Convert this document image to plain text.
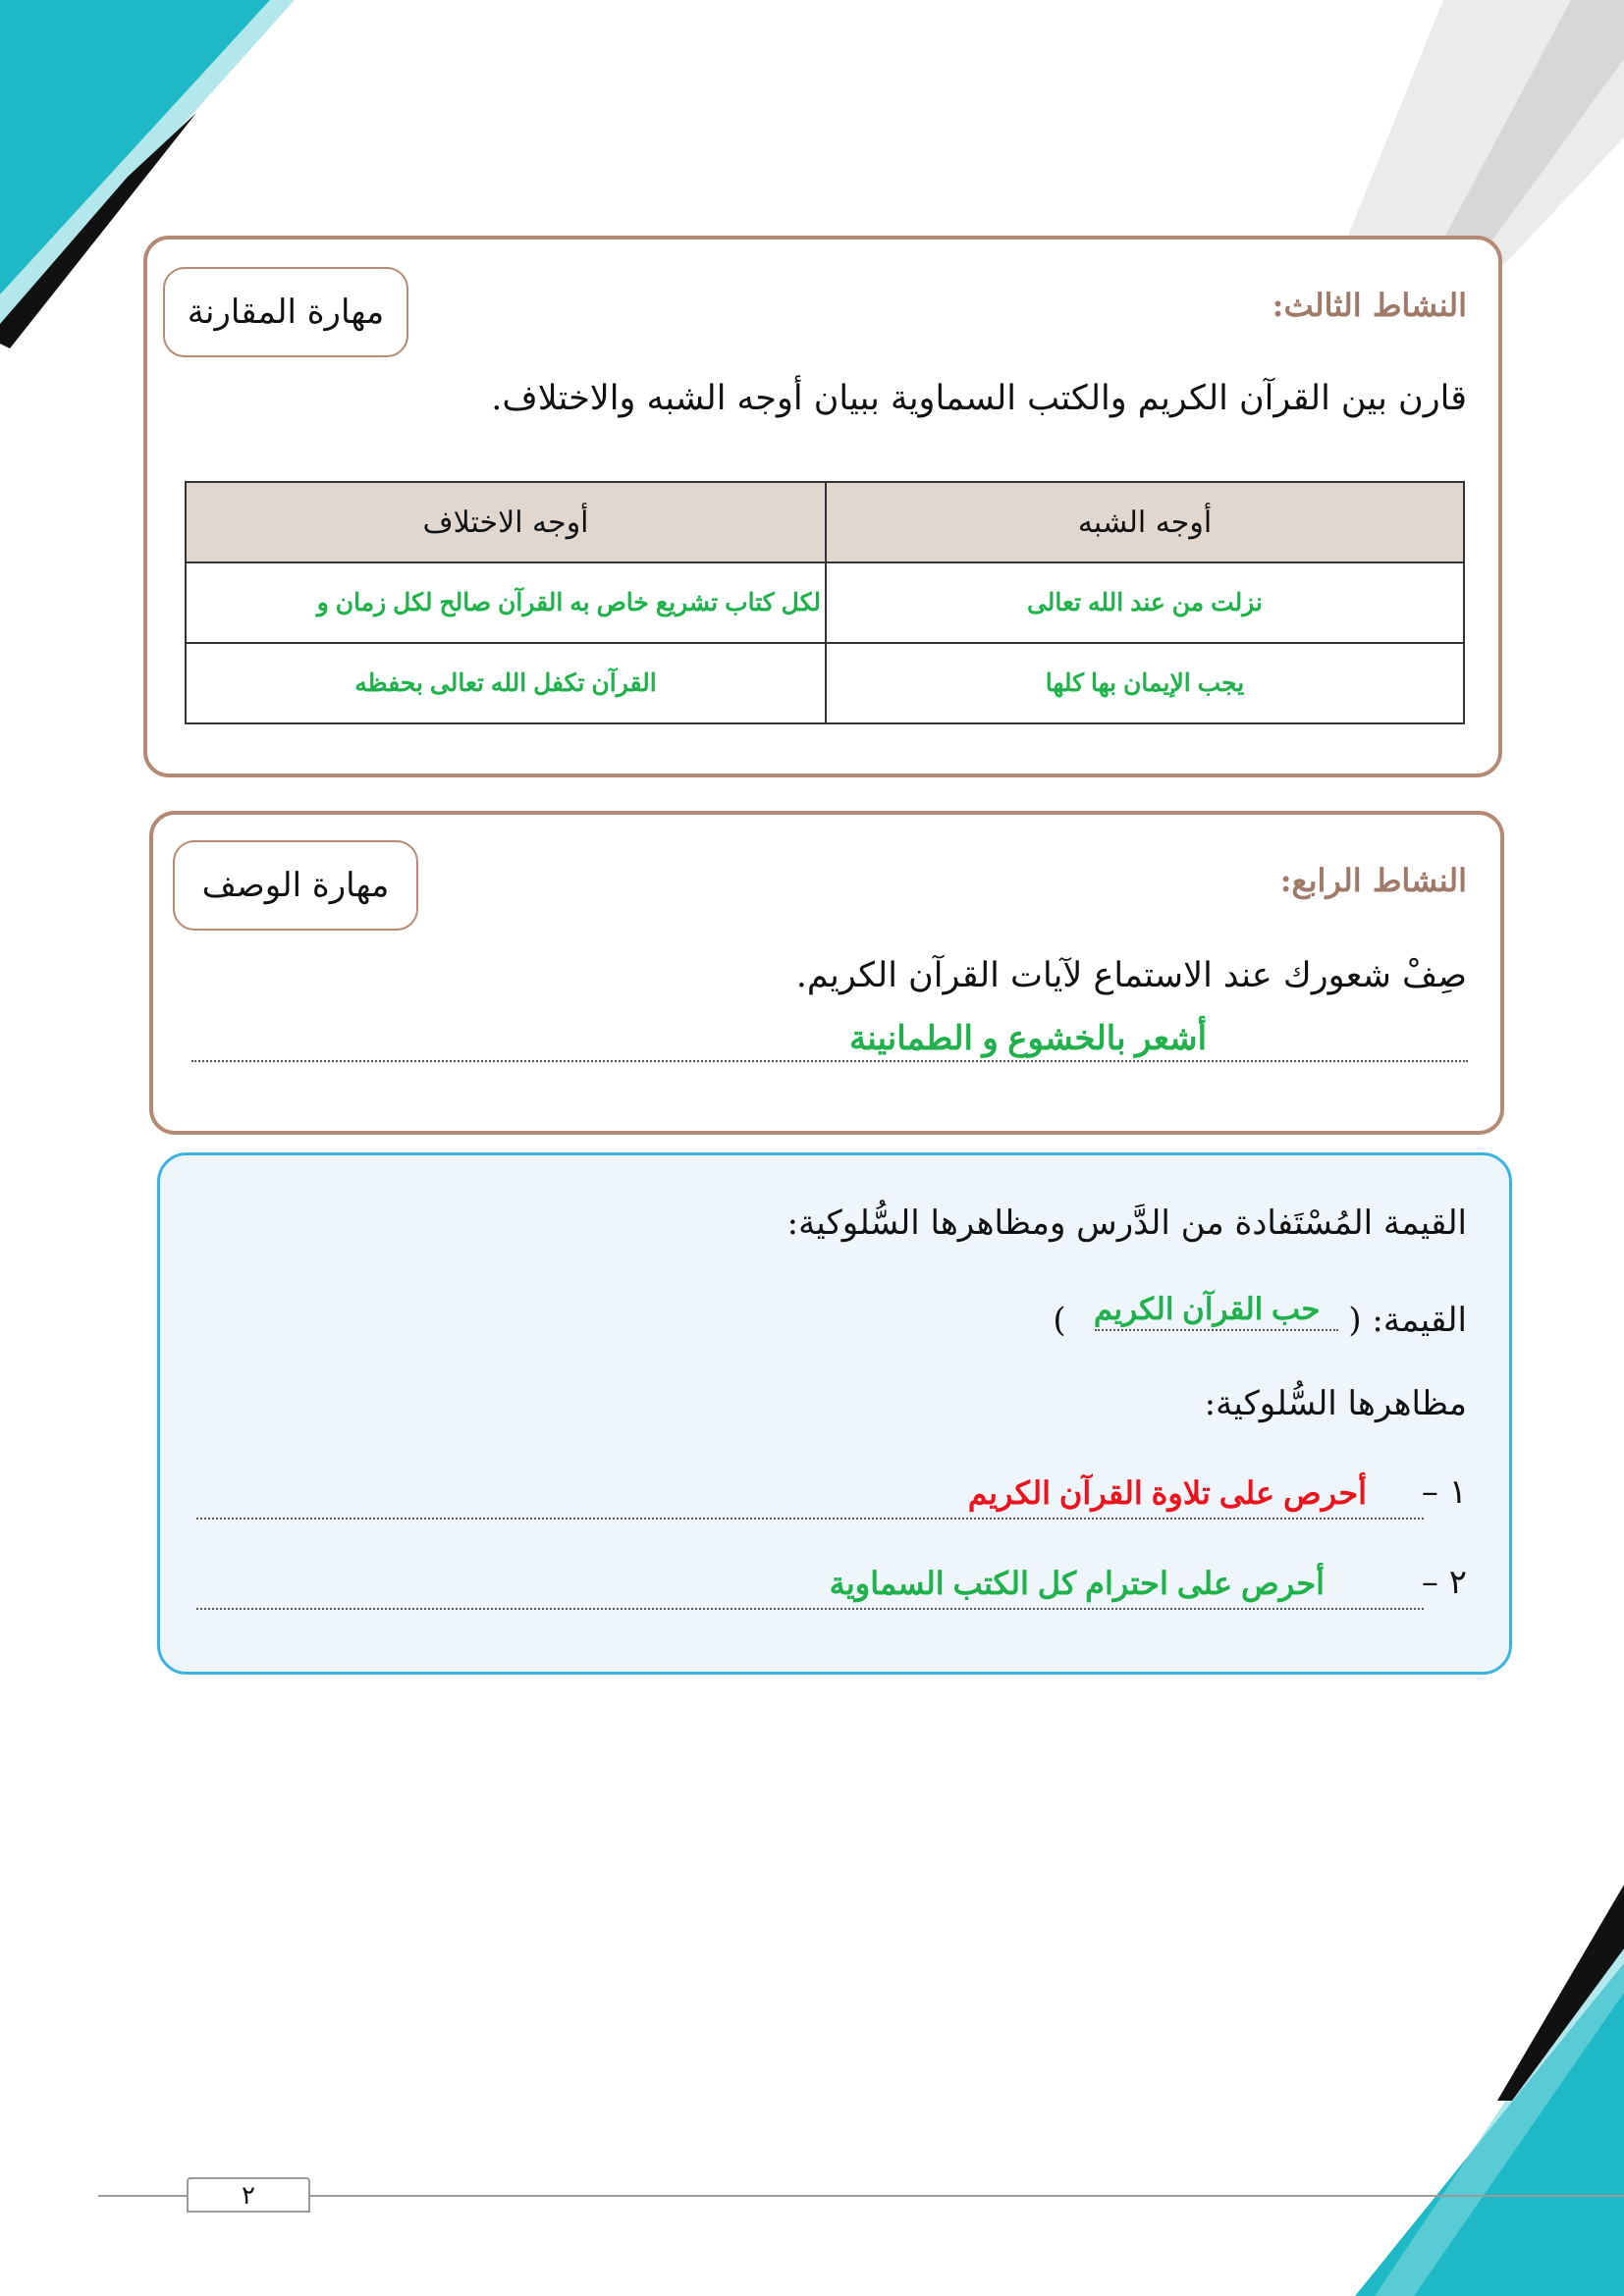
النشاط الثالث:
مهارة المقارنة
قارن بين القرآن الكريم والكتب السماوية ببيان أوجه الشبه والاختلاف.
أوجه الشبه	أوجه الاختلاف
نزلت من عند الله تعالى	لكل كتاب تشريع خاص به القرآن صالح لكل زمان و
يجب الإيمان بها كلها	القرآن تكفل الله تعالى بحفظه
النشاط الرابع:
مهارة الوصف
صِفْ شعورك عند الاستماع لآيات القرآن الكريم.
أشعر بالخشوع و الطمانينة
القيمة المُسْتَفادة من الدَّرس ومظاهرها السُّلوكية:
القيمة: (
حب القرآن الكريم
)
مظاهرها السُّلوكية:
١ –
أحرص على تلاوة القرآن الكريم
٢ –
أحرص على احترام كل الكتب السماوية
٢
